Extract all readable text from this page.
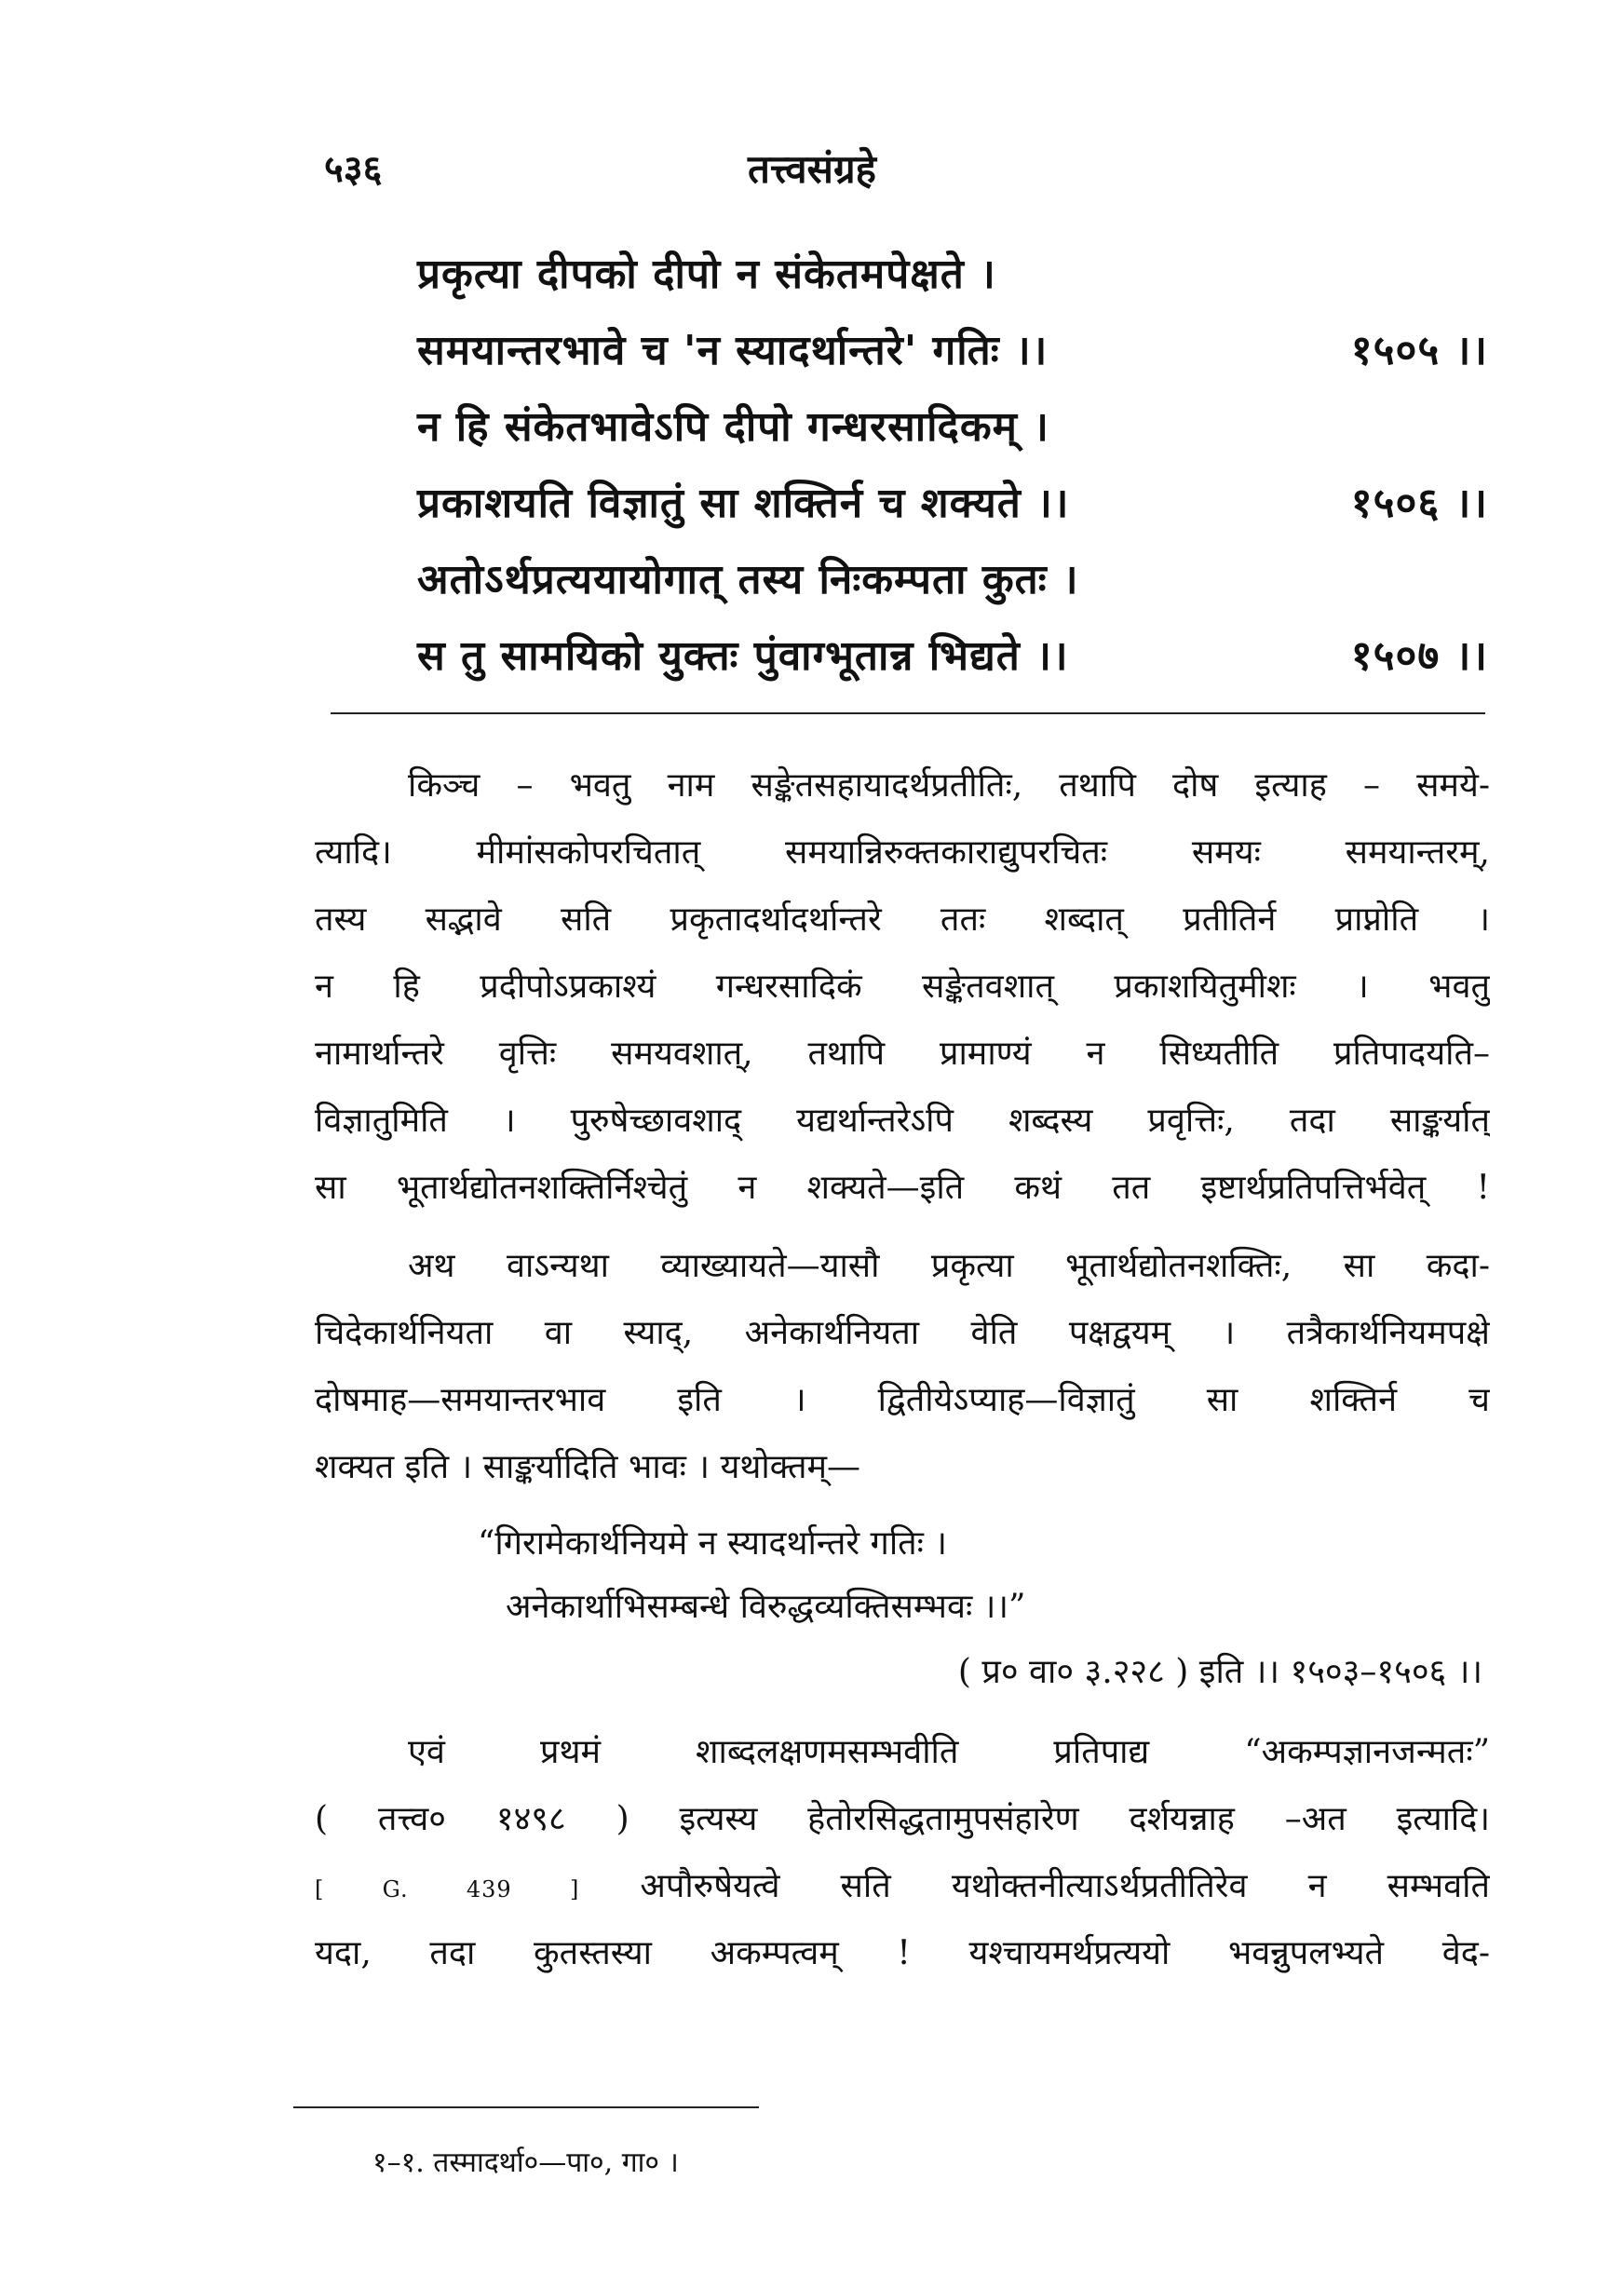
५३६	तत्त्वसंग्रहे
प्रकृत्या दीपको दीपो न संकेतमपेक्षते ।
समयान्तरभावे च 'न स्यादर्थान्तरे' गतिः ।।	१५०५ ।।
न हि संकेतभावेऽपि दीपो गन्धरसादिकम् ।
प्रकाशयति विज्ञातुं सा शक्तिर्न च शक्यते ।।	१५०६ ।।
अतोऽर्थप्रत्ययायोगात् तस्य निःकम्पता कुतः ।
स तु सामयिको युक्तः पुंवाग्भूतान्न भिद्यते ।।	१५०७ ।।
किञ्च – भवतु नाम सङ्केतसहायादर्थप्रतीतिः, तथापि दोष इत्याह – समये-
त्यादि। मीमांसकोपरचितात् समयान्निरुक्तकाराद्युपरचितः समयः समयान्तरम्,
तस्य सद्भावे सति प्रकृतादर्थादर्थान्तरे ततः शब्दात् प्रतीतिर्न प्राप्नोति ।
न हि प्रदीपोऽप्रकाश्यं गन्धरसादिकं सङ्केतवशात् प्रकाशयितुमीशः । भवतु
नामार्थान्तरे वृत्तिः समयवशात्, तथापि प्रामाण्यं न सिध्यतीति प्रतिपादयति–
विज्ञातुमिति । पुरुषेच्छावशाद् यद्यर्थान्तरेऽपि शब्दस्य प्रवृत्तिः, तदा साङ्कर्यात्
सा भूतार्थद्योतनशक्तिर्निश्चेतुं न शक्यते—इति कथं तत इष्टार्थप्रतिपत्तिर्भवेत् !
अथ वाऽन्यथा व्याख्यायते—यासौ प्रकृत्या भूतार्थद्योतनशक्तिः, सा कदा-
चिदेकार्थनियता वा स्याद्, अनेकार्थनियता वेति पक्षद्वयम् । तत्रैकार्थनियमपक्षे
दोषमाह—समयान्तरभाव इति । द्वितीयेऽप्याह—विज्ञातुं सा शक्तिर्न च
शक्यत इति । साङ्कर्यादिति भावः । यथोक्तम्—
“गिरामेकार्थनियमे न स्यादर्थान्तरे गतिः ।
अनेकार्थाभिसम्बन्धे विरुद्धव्यक्तिसम्भवः ।।”
( प्र० वा० ३.२२८ ) इति ।। १५०३–१५०६ ।।
एवं प्रथमं शाब्दलक्षणमसम्भवीति प्रतिपाद्य “अकम्पज्ञानजन्मतः”
( तत्त्व० १४९८ ) इत्यस्य हेतोरसिद्धतामुपसंहारेण दर्शयन्नाह –अत इत्यादि।
[ G. 439 ] अपौरुषेयत्वे सति यथोक्तनीत्याऽर्थप्रतीतिरेव न सम्भवति
यदा, तदा कुतस्तस्या अकम्पत्वम् ! यश्चायमर्थप्रत्ययो भवन्नुपलभ्यते वेद-
१–१. तस्मादर्था०—पा०, गा० ।
